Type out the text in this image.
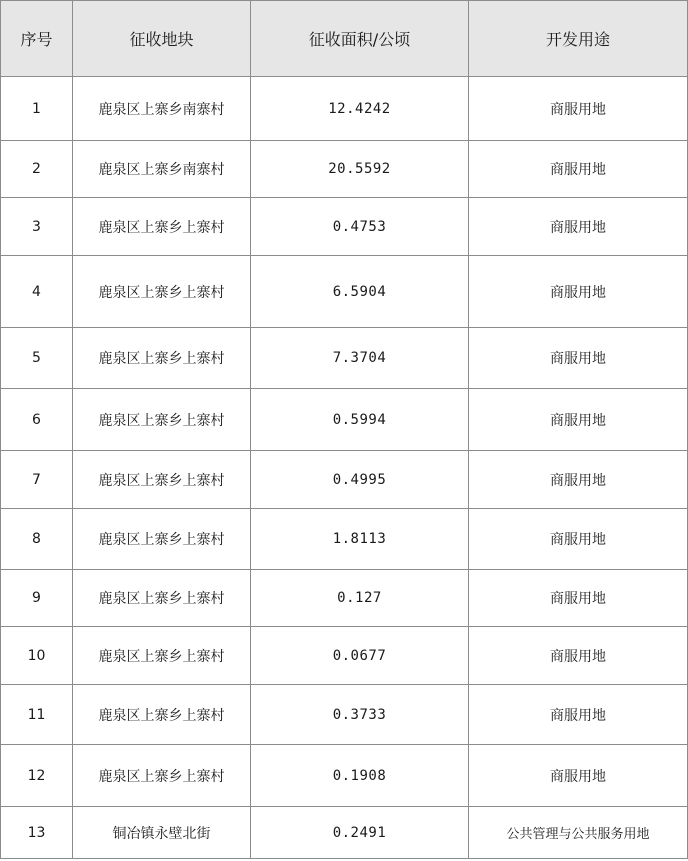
序号	征收地块	征收面积/公顷	开发用途
1	鹿泉区上寨乡南寨村	12.4242	商服用地
2	鹿泉区上寨乡南寨村	20.5592	商服用地
3	鹿泉区上寨乡上寨村	0.4753	商服用地
4	鹿泉区上寨乡上寨村	6.5904	商服用地
5	鹿泉区上寨乡上寨村	7.3704	商服用地
6	鹿泉区上寨乡上寨村	0.5994	商服用地
7	鹿泉区上寨乡上寨村	0.4995	商服用地
8	鹿泉区上寨乡上寨村	1.8113	商服用地
9	鹿泉区上寨乡上寨村	0.127	商服用地
10	鹿泉区上寨乡上寨村	0.0677	商服用地
11	鹿泉区上寨乡上寨村	0.3733	商服用地
12	鹿泉区上寨乡上寨村	0.1908	商服用地
13	铜冶镇永壁北街	0.2491	公共管理与公共服务用地
